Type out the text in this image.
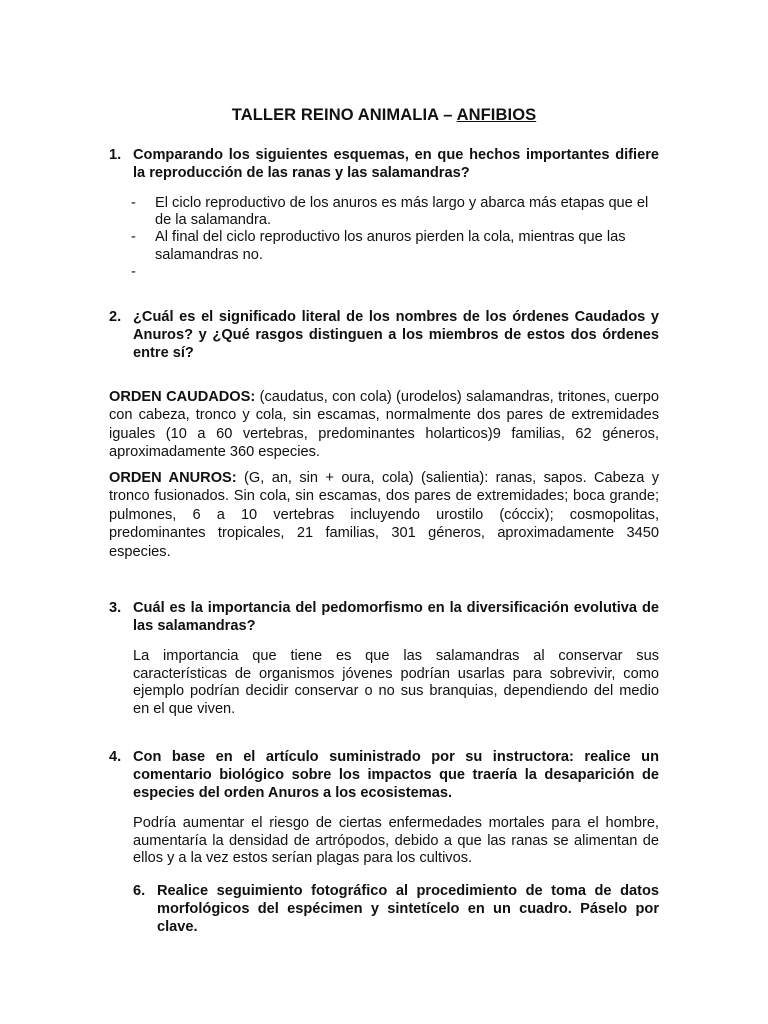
TALLER REINO ANIMALIA – ANFIBIOS
1. Comparando los siguientes esquemas, en que hechos importantes difiere la reproducción de las ranas y las salamandras?
- El ciclo reproductivo de los anuros es más largo y abarca más etapas que el de la salamandra.
- Al final del ciclo reproductivo los anuros pierden la cola, mientras que las salamandras no.
-

2. ¿Cuál es el significado literal de los nombres de los órdenes Caudados y Anuros? y ¿Qué rasgos distinguen a los miembros de estos dos órdenes entre sí?
ORDEN CAUDADOS: (caudatus, con cola) (urodelos) salamandras, tritones, cuerpo con cabeza, tronco y cola, sin escamas, normalmente dos pares de extremidades iguales (10 a 60 vertebras, predominantes holarticos)9 familias, 62 géneros, aproximadamente 360 especies.
ORDEN ANUROS: (G, an, sin + oura, cola) (salientia): ranas, sapos. Cabeza y tronco fusionados. Sin cola, sin escamas, dos pares de extremidades; boca grande; pulmones, 6 a 10 vertebras incluyendo urostilo (cóccix); cosmopolitas, predominantes tropicales, 21 familias, 301 géneros, aproximadamente 3450 especies.
3. Cuál es la importancia del pedomorfismo en la diversificación evolutiva de las salamandras?
La importancia que tiene es que las salamandras al conservar sus características de organismos jóvenes podrían usarlas para sobrevivir, como ejemplo podrían decidir conservar o no sus branquias, dependiendo del medio en el que viven.
4. Con base en el artículo suministrado por su instructora: realice un comentario biológico sobre los impactos que traería la desaparición de especies del orden Anuros a los ecosistemas.
Podría aumentar el riesgo de ciertas enfermedades mortales para el hombre, aumentaría la densidad de artrópodos, debido a que las ranas se alimentan de ellos y a la vez estos serían plagas para los cultivos.
6. Realice seguimiento fotográfico al procedimiento de toma de datos morfológicos del espécimen y sintetícelo en un cuadro. Páselo por clave.
